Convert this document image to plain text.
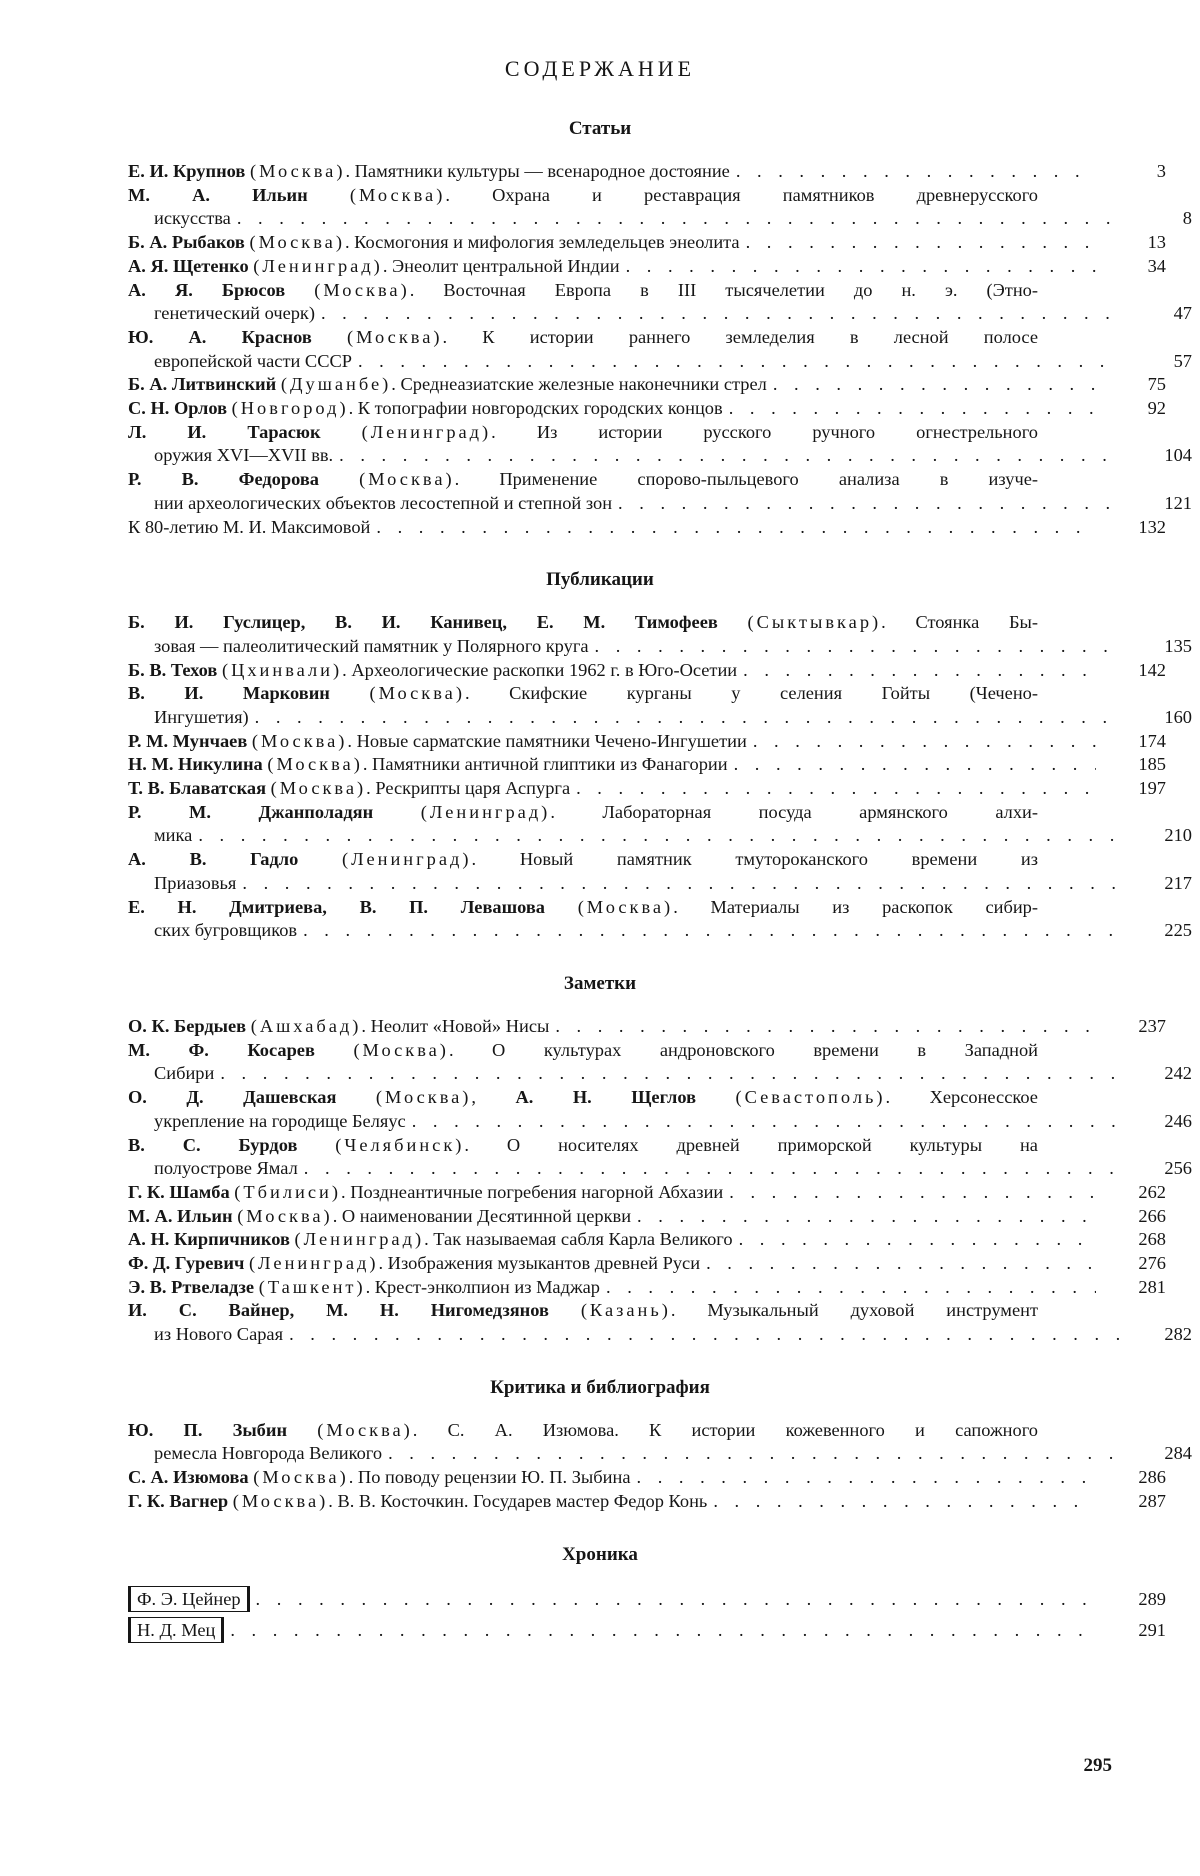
СОДЕРЖАНИЕ
Статьи
Е. И. Крупнов (Москва). Памятники культуры — всенародное достояние . . .	3
М. А. Ильин (Москва). Охрана и реставрация памятников древнерусского
искусства . . .	8
Б. А. Рыбаков (Москва). Космогония и мифология земледельцев энеолита . . .	13
А. Я. Щетенко (Ленинград). Энеолит центральной Индии . . .	34
А. Я. Брюсов (Москва). Восточная Европа в III тысячелетии до н. э. (Этно-
генетический очерк) . . .	47
Ю. А. Краснов (Москва). К истории раннего земледелия в лесной полосе
европейской части СССР . . .	57
Б. А. Литвинский (Душанбе). Среднеазиатские железные наконечники стрел . . .	75
С. Н. Орлов (Новгород). К топографии новгородских городских концов . . .	92
Л. И. Тарасюк (Ленинград). Из истории русского ручного огнестрельного
оружия XVI—XVII вв. . . .	104
Р. В. Федорова (Москва). Применение спорово-пыльцевого анализа в изуче-
нии археологических объектов лесостепной и степной зон . . .	121
К 80-летию М. И. Максимовой . . .	132
Публикации
Б. И. Гуслицер, В. И. Канивец, Е. М. Тимофеев (Сыктывкар). Стоянка Бы-
зовая — палеолитический памятник у Полярного круга . . .	135
Б. В. Техов (Цхинвали). Археологические раскопки 1962 г. в Юго-Осетии . . .	142
В. И. Марковин (Москва). Скифские курганы у селения Гойты (Чечено-
Ингушетия) . . .	160
Р. М. Мунчаев (Москва). Новые сарматские памятники Чечено-Ингушетии . . .	174
Н. М. Никулина (Москва). Памятники античной глиптики из Фанагории . . .	185
Т. В. Блаватская (Москва). Рескрипты царя Аспурга . . .	197
Р. М. Джанполадян	(Ленинград). Лабораторная посуда армянского алхи-
мика . . .	210
А. В. Гадло (Ленинград). Новый памятник тмутороканского времени из
Приазовья . . .	217
Е. Н. Дмитриева, В. П. Левашова (Москва). Материалы из раскопок сибир-
ских бугровщиков . . .	225
Заметки
О. К. Бердыев (Ашхабад). Неолит «Новой» Нисы . . .	237
М. Ф. Косарев (Москва). О культурах андроновского времени в Западной
Сибири . . .	242
О. Д. Дашевская (Москва), А. Н. Щеглов (Севастополь). Херсонесское
укрепление на городище Беляус . . .	246
В. С. Бурдов (Челябинск). О носителях древней приморской культуры на
полуострове Ямал . . .	256
Г. К. Шамба (Тбилиси). Позднеантичные погребения нагорной Абхазии . . .	262
М. А. Ильин (Москва). О наименовании Десятинной церкви . . .	266
А. Н. Кирпичников (Ленинград). Так называемая сабля Карла Великого . . .	268
Ф. Д. Гуревич (Ленинград). Изображения музыкантов древней Руси . . .	276
Э. В. Ртвеладзе (Ташкент). Крест-энколпион из Маджар . . .	281
И. С. Вайнер, М. Н. Нигомедзянов (Казань). Музыкальный духовой инструмент
из Нового Сарая . . .	282
Критика и библиография
Ю. П. Зыбин (Москва). С. А. Изюмова. К истории кожевенного и сапожного
ремесла Новгорода Великого . . .	284
С. А. Изюмова (Москва). По поводу рецензии Ю. П. Зыбина . . .	286
Г. К. Вагнер (Москва). В. В. Косточкин. Государев мастер Федор Конь . . .	287
Хроника
Ф. Э. Цейнер . . .	289
Н. Д. Мец . . .	291
295
